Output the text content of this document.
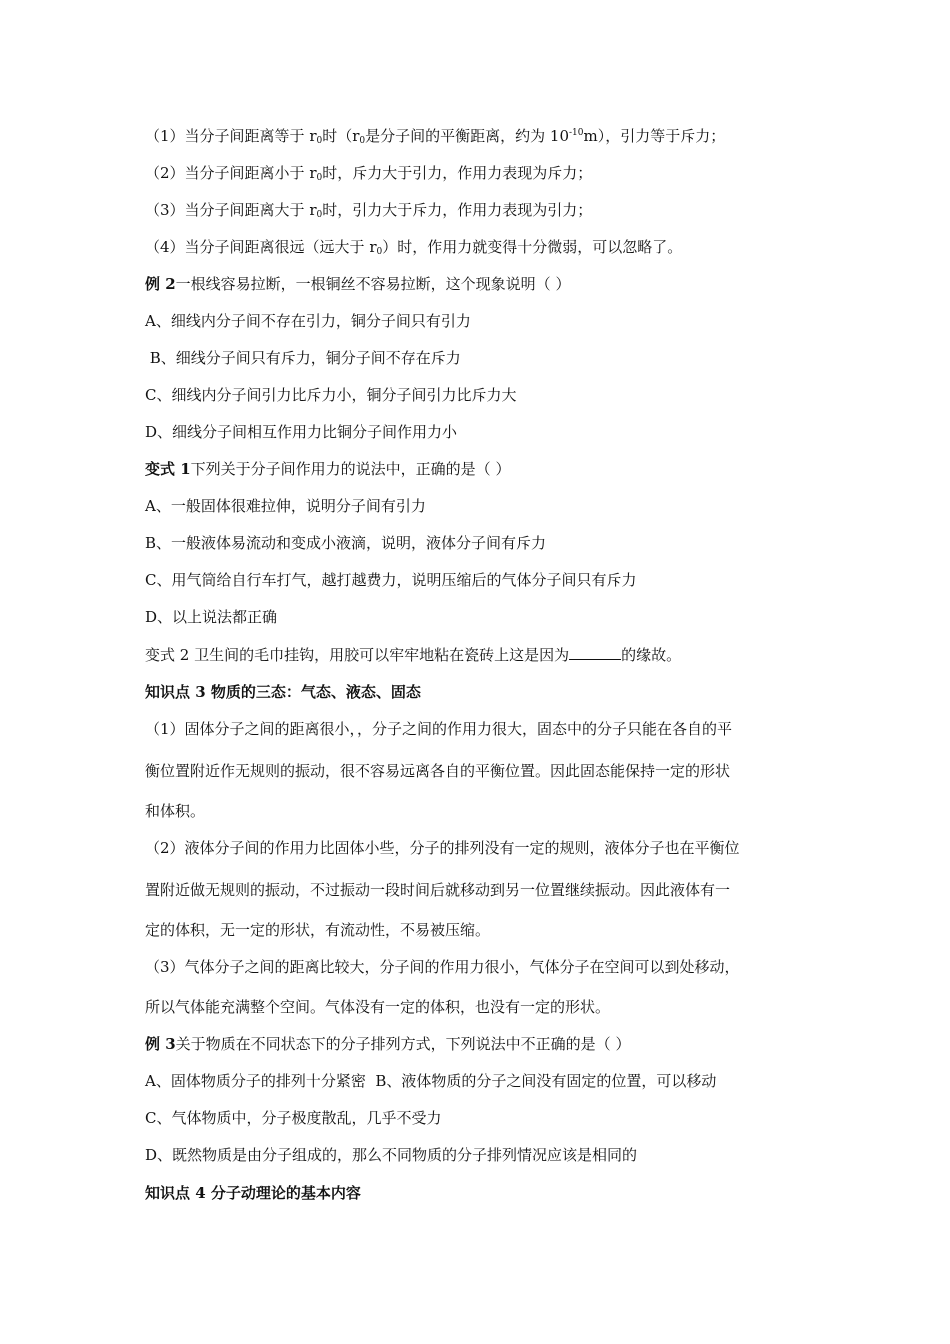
（1）当分子间距离等于 $r_0$时（$r_0$是分子间的平衡距离，约为 $10^{-10}m$），引力等于斥力；
（2）当分子间距离小于 $r_0$时，斥力大于引力，作用力表现为斥力；
（3）当分子间距离大于 $r_0$时，引力大于斥力，作用力表现为引力；
（4）当分子间距离很远（远大于 $r_0$）时，作用力就变得十分微弱，可以忽略了。
例 2一根线容易拉断，一根铜丝不容易拉断，这个现象说明（ ）
A、细线内分子间不存在引力，铜分子间只有引力
B、细线分子间只有斥力，铜分子间不存在斥力
C、细线内分子间引力比斥力小，铜分子间引力比斥力大
D、细线分子间相互作用力比铜分子间作用力小
变式 1下列关于分子间作用力的说法中，正确的是（ ）
A、一般固体很难拉伸，说明分子间有引力
B、一般液体易流动和变成小液滴，说明，液体分子间有斥力
C、用气筒给自行车打气，越打越费力，说明压缩后的气体分子间只有斥力
D、以上说法都正确
变式 2 卫生间的毛巾挂钩，用胶可以牢牢地粘在瓷砖上这是因为	的缘故。
知识点 3 物质的三态：气态、液态、固态
（1）固体分子之间的距离很小，，分子之间的作用力很大，固态中的分子只能在各自的平
衡位置附近作无规则的振动，很不容易远离各自的平衡位置。因此固态能保持一定的形状
和体积。
（2）液体分子间的作用力比固体小些，分子的排列没有一定的规则，液体分子也在平衡位
置附近做无规则的振动，不过振动一段时间后就移动到另一位置继续振动。因此液体有一
定的体积，无一定的形状，有流动性，不易被压缩。
（3）气体分子之间的距离比较大，分子间的作用力很小，气体分子在空间可以到处移动，
所以气体能充满整个空间。气体没有一定的体积，也没有一定的形状。
例 3关于物质在不同状态下的分子排列方式，下列说法中不正确的是（ ）
A、固体物质分子的排列十分紧密  B、液体物质的分子之间没有固定的位置，可以移动
C、气体物质中，分子极度散乱，几乎不受力
D、既然物质是由分子组成的，那么不同物质的分子排列情况应该是相同的
知识点 4 分子动理论的基本内容
